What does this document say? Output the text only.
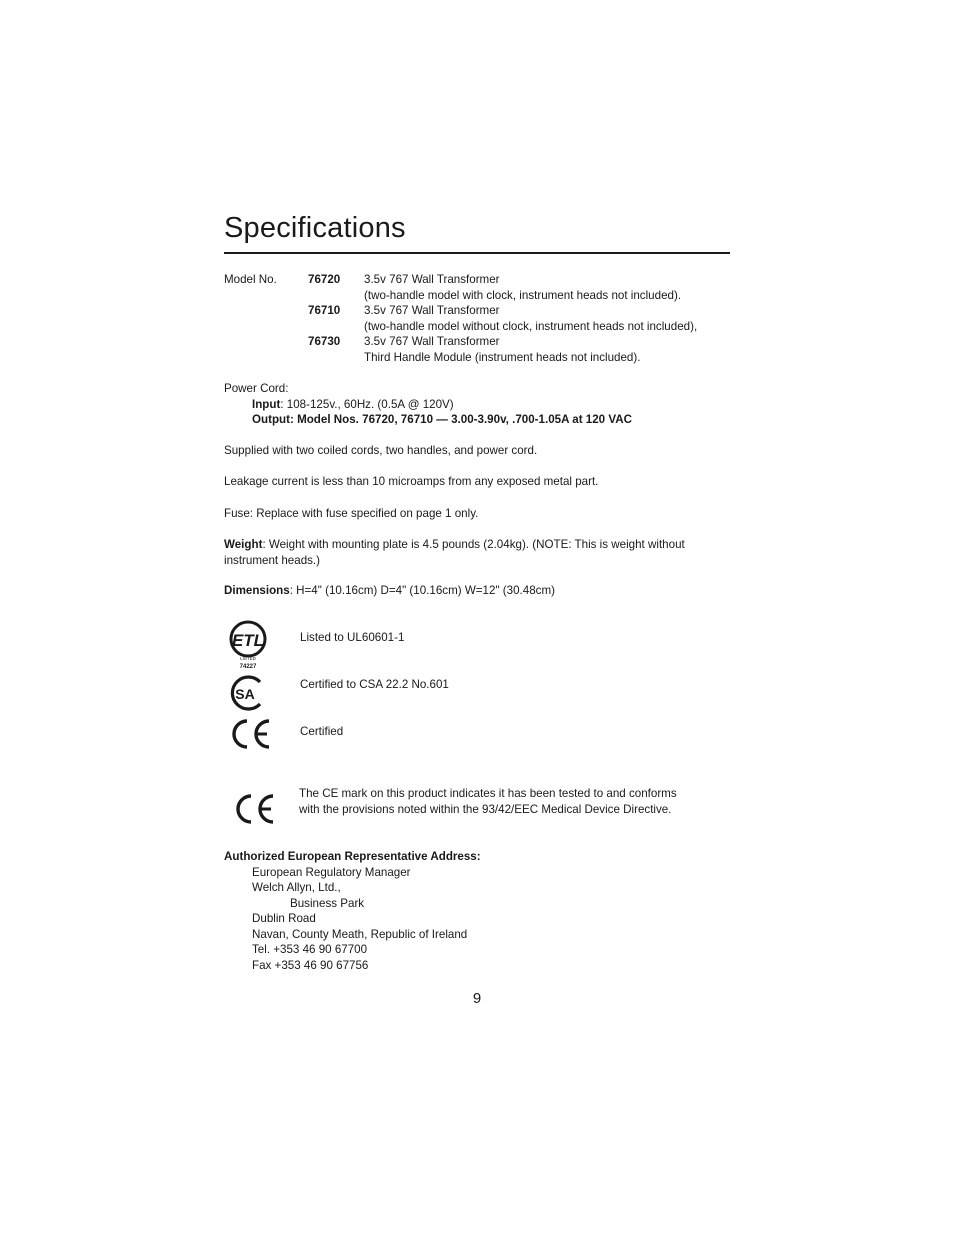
Specifications
Model No.	76720 3.5v 767 Wall Transformer
(two-handle model with clock, instrument heads not included).
76710 3.5v 767 Wall Transformer
(two-handle model without clock, instrument heads not included),
76730 3.5v 767 Wall Transformer
Third Handle Module (instrument heads not included).
Power Cord:
Input: 108-125v., 60Hz. (0.5A @ 120V)
Output: Model Nos. 76720, 76710 — 3.00-3.90v, .700-1.05A at 120 VAC
Supplied with two coiled cords, two handles, and power cord.
Leakage current is less than 10 microamps from any exposed metal part.
Fuse: Replace with fuse specified on page 1 only.
Weight: Weight with mounting plate is 4.5 pounds (2.04kg). (NOTE: This is weight without instrument heads.)
Dimensions: H=4" (10.16cm) D=4" (10.16cm) W=12" (30.48cm)
ETL
LISTED
74227
Listed to UL60601-1
SA
Certified to CSA 22.2 No.601
Certified
The CE mark on this product indicates it has been tested to and conforms
with the provisions noted within the 93/42/EEC Medical Device Directive.
Authorized European Representative Address:
European Regulatory Manager
Welch Allyn, Ltd.,
Business Park
Dublin Road
Navan, County Meath, Republic of Ireland
Tel. +353 46 90 67700
Fax +353 46 90 67756
9
